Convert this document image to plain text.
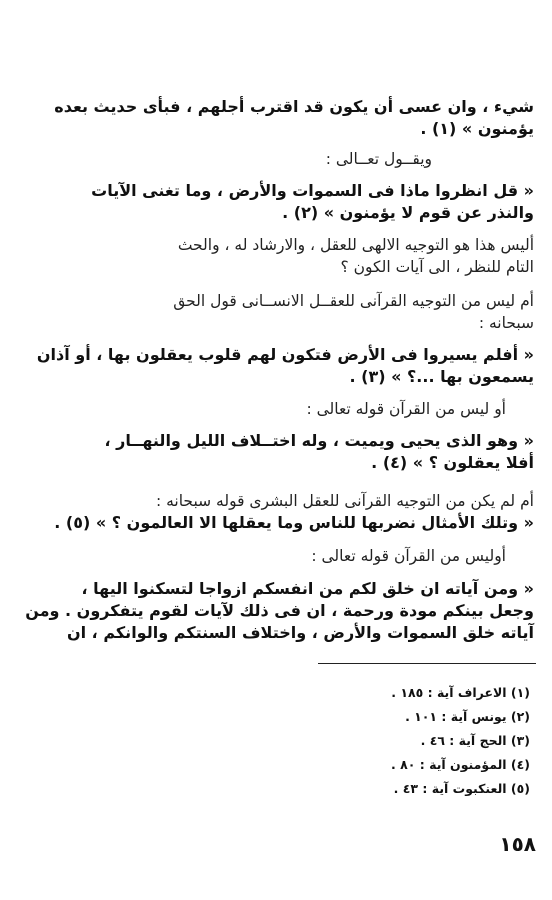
شيء ، وان عسى أن يكون قد اقترب أجلهم ، فبأى حديث بعده
يؤمنون » (١) .
ويقــول تعــالى :
« قل انظروا ماذا فى السموات والأرض ، وما تغنى الآيات
والنذر عن قوم لا يؤمنون » (٢) .
أليس هذا هو التوجيه الالهى للعقل ، والارشاد له ، والحث
التام للنظر ، الى آيات الكون ؟
أم ليس من التوجيه القرآنى للعقــل الانســانى قول الحق
سبحانه :
« أفلم يسيروا فى الأرض فتكون لهم قلوب يعقلون بها ، أو آذان
يسمعون بها ...؟ » (٣) .
أو ليس من القرآن قوله تعالى :
« وهو الذى يحيى ويميت ، وله اختــلاف الليل والنهــار ،
أفلا يعقلون ؟ » (٤) .
أم لم يكن من التوجيه القرآنى للعقل البشرى قوله سبحانه :
« وتلك الأمثال نضربها للناس وما يعقلها الا العالمون ؟ » (٥) .
أوليس من القرآن قوله تعالى :
« ومن آياته ان خلق لكم من انفسكم ازواجا لتسكنوا اليها ،
وجعل بينكم مودة ورحمة ، ان فى ذلك لآيات لقوم يتفكرون . ومن
آياته خلق السموات والأرض ، واختلاف السنتكم والوانكم ، ان
(١) الاعراف آية : ١٨٥ .
(٢) يونس آية : ١٠١ .
(٣) الحج آية : ٤٦ .
(٤) المؤمنون آية : ٨٠ .
(٥) العنكبوت آية : ٤٣ .
١٥٨
